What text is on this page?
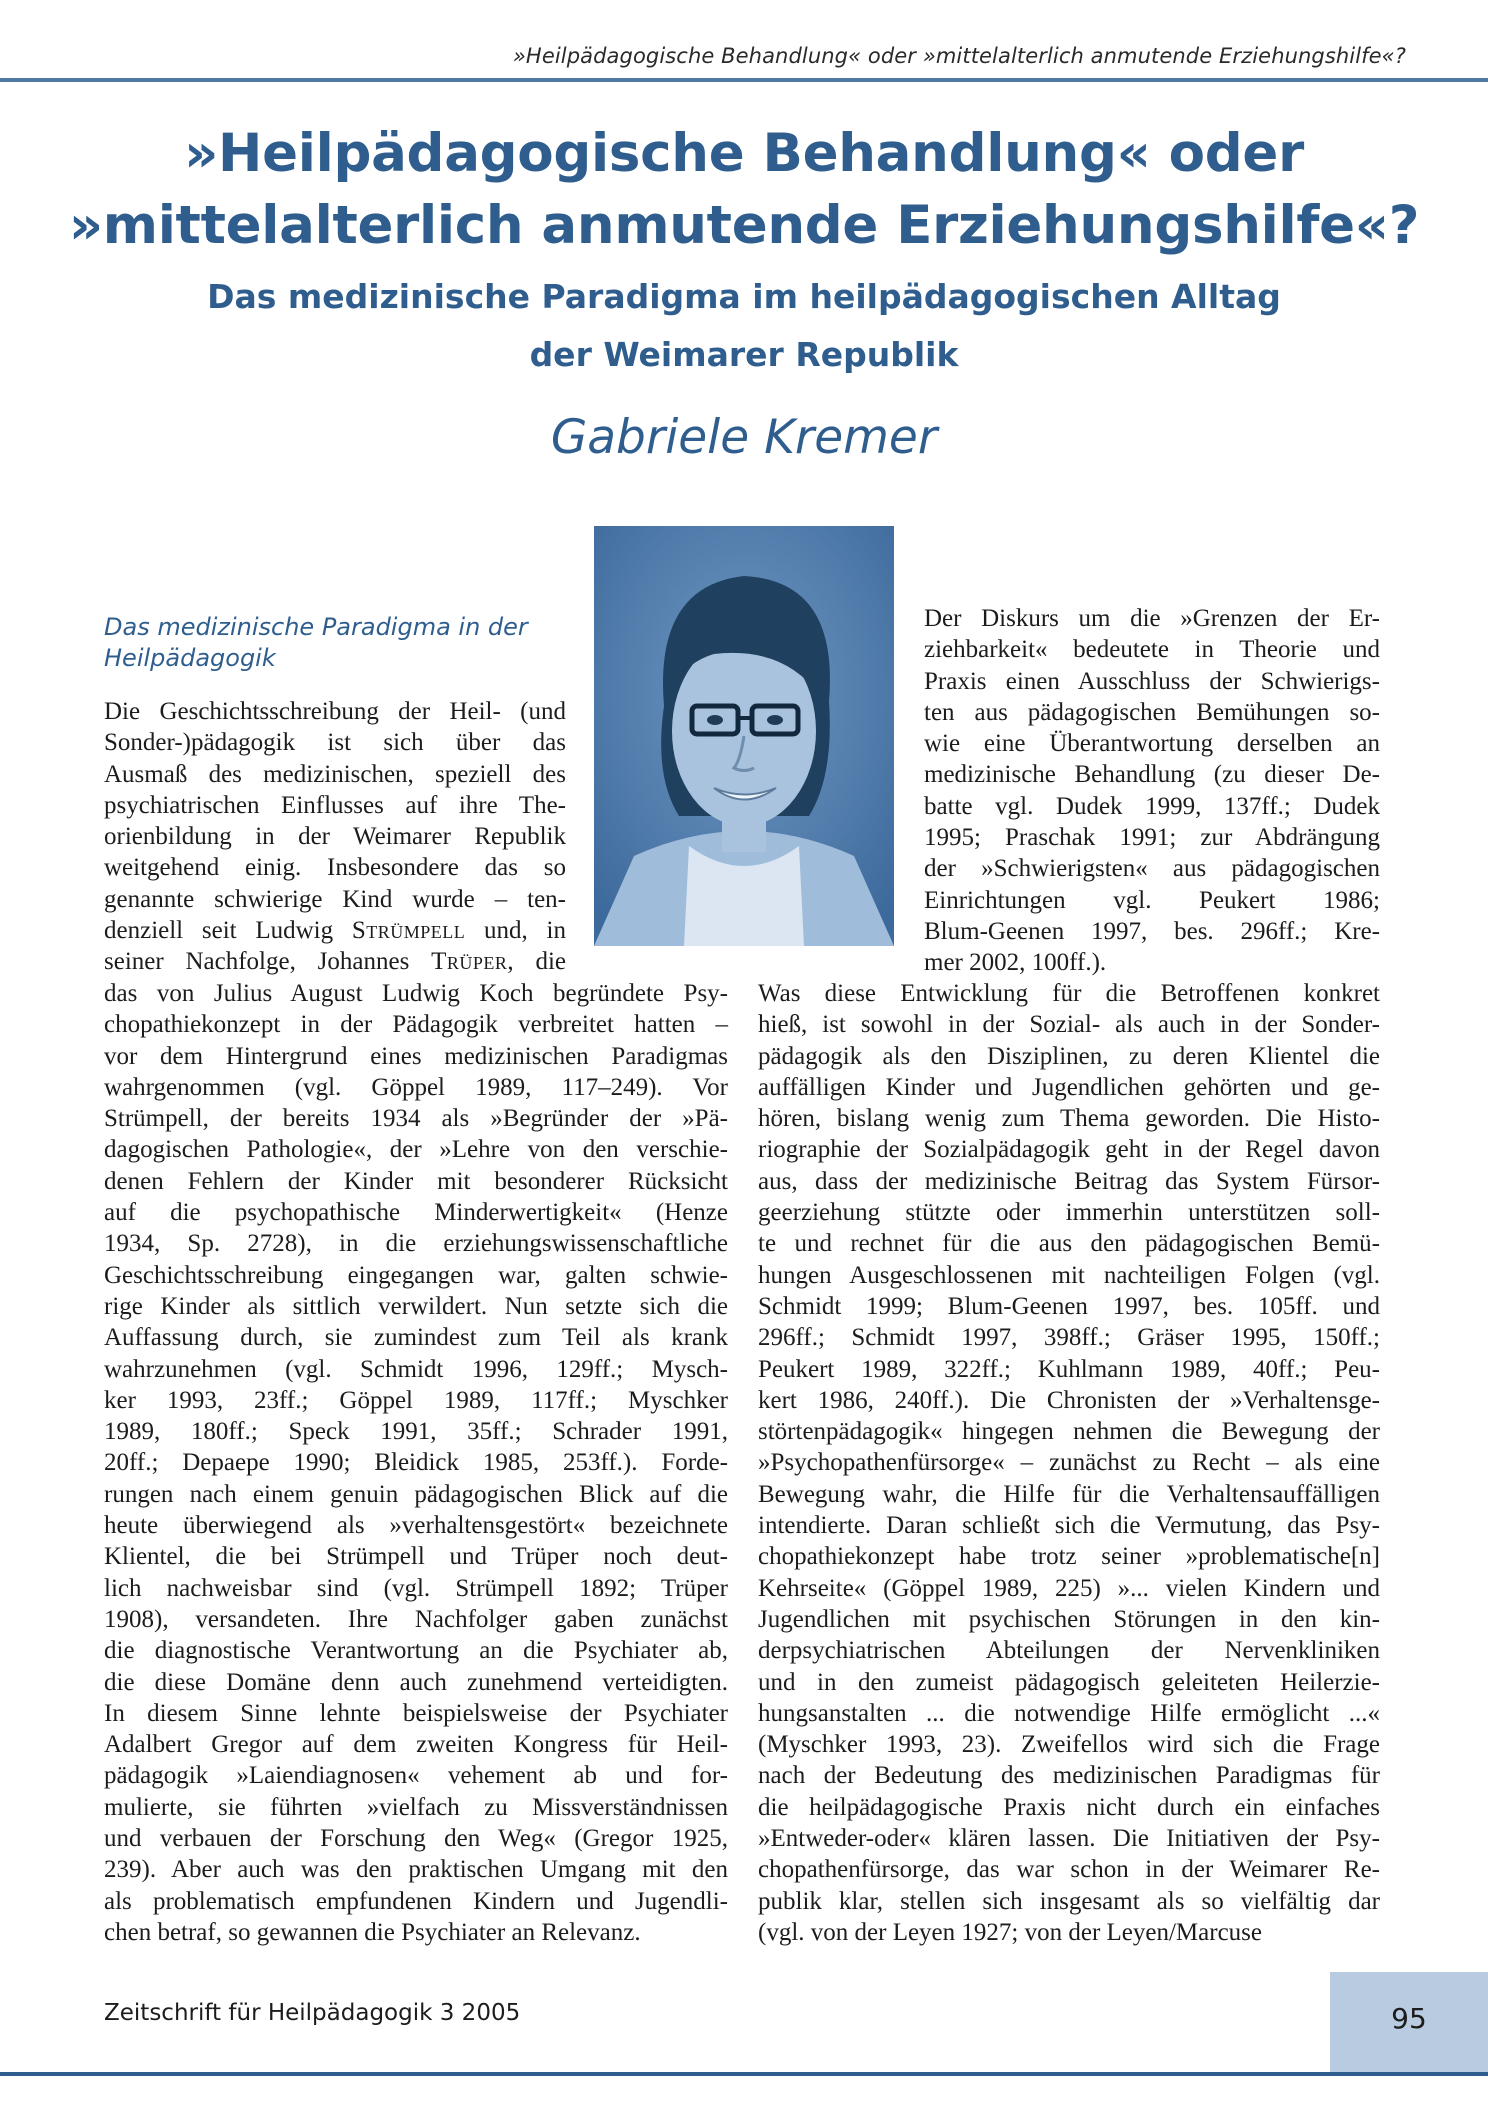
»Heilpädagogische Behandlung« oder »mittelalterlich anmutende Erziehungshilfe«?
»Heilpädagogische Behandlung« oder
»mittelalterlich anmutende Erziehungshilfe«?
Das medizinische Paradigma im heilpädagogischen Alltag
der Weimarer Republik
Gabriele Kremer
Das medizinische Paradigma in der
Heilpädagogik
Die Geschichtsschreibung der Heil- (und
Sonder-)pädagogik ist sich über das
Ausmaß des medizinischen, speziell des
psychiatrischen Einflusses auf ihre The-
orienbildung in der Weimarer Republik
weitgehend einig. Insbesondere das so
genannte schwierige Kind wurde – ten-
denziell seit Ludwig Strümpell und, in
seiner Nachfolge, Johannes Trüper, die
das von Julius August Ludwig Koch begründete Psy-
chopathiekonzept in der Pädagogik verbreitet hatten –
vor dem Hintergrund eines medizinischen Paradigmas
wahrgenommen (vgl. Göppel 1989, 117–249). Vor
Strümpell, der bereits 1934 als »Begründer der »Pä-
dagogischen Pathologie«, der »Lehre von den verschie-
denen Fehlern der Kinder mit besonderer Rücksicht
auf die psychopathische Minderwertigkeit« (Henze
1934, Sp. 2728), in die erziehungswissenschaftliche
Geschichtsschreibung eingegangen war, galten schwie-
rige Kinder als sittlich verwildert. Nun setzte sich die
Auffassung durch, sie zumindest zum Teil als krank
wahrzunehmen (vgl. Schmidt 1996, 129ff.; Mysch-
ker 1993, 23ff.; Göppel 1989, 117ff.; Myschker
1989, 180ff.; Speck 1991, 35ff.; Schrader 1991,
20ff.; Depaepe 1990; Bleidick 1985, 253ff.). Forde-
rungen nach einem genuin pädagogischen Blick auf die
heute überwiegend als »verhaltensgestört« bezeichnete
Klientel, die bei Strümpell und Trüper noch deut-
lich nachweisbar sind (vgl. Strümpell 1892; Trüper
1908), versandeten. Ihre Nachfolger gaben zunächst
die diagnostische Verantwortung an die Psychiater ab,
die diese Domäne denn auch zunehmend verteidigten.
In diesem Sinne lehnte beispielsweise der Psychiater
Adalbert Gregor auf dem zweiten Kongress für Heil-
pädagogik »Laiendiagnosen« vehement ab und for-
mulierte, sie führten »vielfach zu Missverständnissen
und verbauen der Forschung den Weg« (Gregor 1925,
239). Aber auch was den praktischen Umgang mit den
als problematisch empfundenen Kindern und Jugendli-
chen betraf, so gewannen die Psychiater an Relevanz.
Der Diskurs um die »Grenzen der Er-
ziehbarkeit« bedeutete in Theorie und
Praxis einen Ausschluss der Schwierigs-
ten aus pädagogischen Bemühungen so-
wie eine Überantwortung derselben an
medizinische Behandlung (zu dieser De-
batte vgl. Dudek 1999, 137ff.; Dudek
1995; Praschak 1991; zur Abdrängung
der »Schwierigsten« aus pädagogischen
Einrichtungen vgl. Peukert 1986;
Blum-Geenen 1997, bes. 296ff.; Kre-
mer 2002, 100ff.).
Was diese Entwicklung für die Betroffenen konkret
hieß, ist sowohl in der Sozial- als auch in der Sonder-
pädagogik als den Disziplinen, zu deren Klientel die
auffälligen Kinder und Jugendlichen gehörten und ge-
hören, bislang wenig zum Thema geworden. Die Histo-
riographie der Sozialpädagogik geht in der Regel davon
aus, dass der medizinische Beitrag das System Fürsor-
geerziehung stützte oder immerhin unterstützen soll-
te und rechnet für die aus den pädagogischen Bemü-
hungen Ausgeschlossenen mit nachteiligen Folgen (vgl.
Schmidt 1999; Blum-Geenen 1997, bes. 105ff. und
296ff.; Schmidt 1997, 398ff.; Gräser 1995, 150ff.;
Peukert 1989, 322ff.; Kuhlmann 1989, 40ff.; Peu-
kert 1986, 240ff.). Die Chronisten der »Verhaltensge-
störtenpädagogik« hingegen nehmen die Bewegung der
»Psychopathenfürsorge« – zunächst zu Recht – als eine
Bewegung wahr, die Hilfe für die Verhaltensauffälligen
intendierte. Daran schließt sich die Vermutung, das Psy-
chopathiekonzept habe trotz seiner »problematische[n]
Kehrseite« (Göppel 1989, 225) »... vielen Kindern und
Jugendlichen mit psychischen Störungen in den kin-
derpsychiatrischen Abteilungen der Nervenkliniken
und in den zumeist pädagogisch geleiteten Heilerzie-
hungsanstalten ... die notwendige Hilfe ermöglicht ...«
(Myschker 1993, 23). Zweifellos wird sich die Frage
nach der Bedeutung des medizinischen Paradigmas für
die heilpädagogische Praxis nicht durch ein einfaches
»Entweder-oder« klären lassen. Die Initiativen der Psy-
chopathenfürsorge, das war schon in der Weimarer Re-
publik klar, stellen sich insgesamt als so vielfältig dar
(vgl. von der Leyen 1927; von der Leyen/Marcuse
Zeitschrift für Heilpädagogik 3 2005	95
